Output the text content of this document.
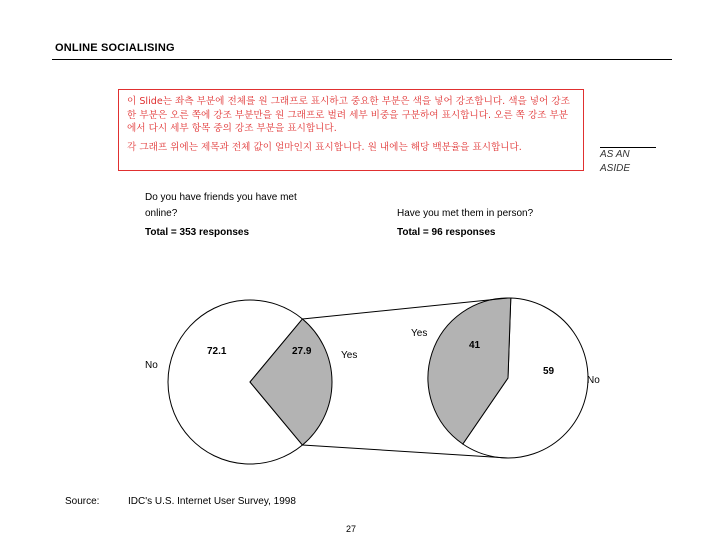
ONLINE SOCIALISING

이 Slide는 좌측 부분에 전체를 원 그래프로 표시하고 중요한 부분은 색을 넣어 강조합니다. 색을 넣어 강조한 부분은 오른 쪽에 강조 부분만을 원 그래프로 벌려 세부 비중을 구분하여 표시합니다. 오른 쪽 강조 부분에서 다시 세부 항목 중의 강조 부분을 표시합니다.

각 그래프 위에는 제목과 전체 값이 얼마인지 표시합니다. 원 내에는 해당 백분율을 표시합니다.

AS AN ASIDE
Do you have friends you have met online?
Total = 353 responses
Have you met them in person?
Total = 96 responses
72.1	27.9
No
Yes
Yes
41
59
No
Source:	IDC's U.S. Internet User Survey, 1998
27
